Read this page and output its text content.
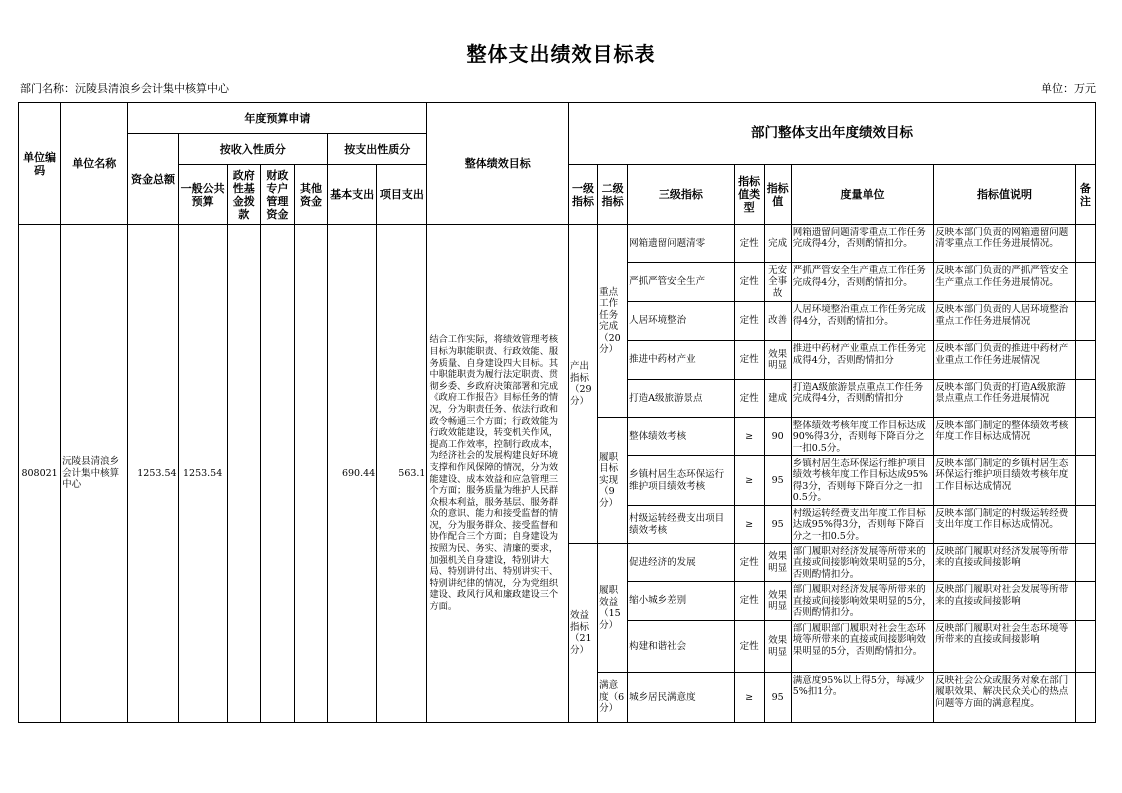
整体支出绩效目标表
部门名称：沅陵县清浪乡会计集中核算中心	单位：万元
单位编码	单位名称	年度预算申请							整体绩效目标	部门整体支出年度绩效目标							
		资金总额	按收入性质分				按支出性质分										
			一般公共预算	政府性基金拨款	财政专户管理资金	其他资金	基本支出	项目支出		一级指标	二级指标	三级指标	指标值类型	指标值	度量单位	指标值说明	备注

808021	沅陵县清浪乡会计集中核算中心	1253.54	1253.54				690.44	563.1	结合工作实际，将绩效管理考核目标为职能职责、行政效能、服务质量、自身建设四大目标。其中职能职责为履行法定职责、贯彻乡委、乡政府决策部署和完成《政府工作报告》目标任务的情况，分为职责任务、依法行政和政令畅通三个方面；行政效能为行政效能建设，转变机关作风，提高工作效率，控制行政成本，为经济社会的发展构建良好环境支撑和作风保障的情况，分为效能建设、成本效益和应急管理三个方面；服务质量为维护人民群众根本利益，服务基层、服务群众的意识、能力和接受监督的情况，分为服务群众、接受监督和协作配合三个方面；自身建设为按照为民、务实、清廉的要求，加强机关自身建设，特别讲大局、特别讲付出、特别讲实干、特别讲纪律的情况，分为党组织建设、政风行风和廉政建设三个方面。	产出指标（29分）	重点工作任务完成（20分）	网箱遗留问题清零	定性	完成	网箱遗留问题清零重点工作任务完成得4分，否则酌情扣分。	反映本部门负责的网箱遗留问题清零重点工作任务进展情况。	

												严抓严管安全生产	定性	无安全事故	严抓严管安全生产重点工作任务完成得4分，否则酌情扣分。	反映本部门负责的严抓严管安全生产重点工作任务进展情况。	

												人居环境整治	定性	改善	人居环境整治重点工作任务完成得4分，否则酌情扣分。	反映本部门负责的人居环境整治重点工作任务进展情况	

												推进中药材产业	定性	效果明显	推进中药材产业重点工作任务完成得4分，否则酌情扣分	反映本部门负责的推进中药材产业重点工作任务进展情况	

												打造A级旅游景点	定性	建成	打造A级旅游景点重点工作任务完成得4分，否则酌情扣分	反映本部门负责的打造A级旅游景点重点工作任务进展情况	

											履职目标实现（9分）	整体绩效考核	≥	90	整体绩效考核年度工作目标达成90%得3分，否则每下降百分之一扣0.5分。	反映本部门制定的整体绩效考核年度工作目标达成情况	

												乡镇村居生态环保运行维护项目绩效考核	≥	95	乡镇村居生态环保运行维护项目绩效考核年度工作目标达成95%得3分，否则每下降百分之一扣0.5分。	反映本部门制定的乡镇村居生态环保运行维护项目绩效考核年度工作目标达成情况	

												村级运转经费支出项目绩效考核	≥	95	村级运转经费支出年度工作目标达成95%得3分，否则每下降百分之一扣0.5分。	反映本部门制定的村级运转经费支出年度工作目标达成情况。	

										效益指标（21分）	履职效益（15分）	促进经济的发展	定性	效果明显	部门履职对经济发展等所带来的直接或间接影响效果明显的5分，否则酌情扣分。	反映部门履职对经济发展等所带来的直接或间接影响	

												缩小城乡差别	定性	效果明显	部门履职对经济发展等所带来的直接或间接影响效果明显的5分，否则酌情扣分。	反映部门履职对社会发展等所带来的直接或间接影响	

												构建和谐社会	定性	效果明显	部门履职部门履职对社会生态环境等所带来的直接或间接影响效果明显的5分，否则酌情扣分。	反映部门履职对社会生态环境等所带来的直接或间接影响	

											满意度（6分）	城乡居民满意度	≥	95	满意度95%以上得5分，每减少5%扣1分。	反映社会公众或服务对象在部门履职效果、解决民众关心的热点问题等方面的满意程度。	
